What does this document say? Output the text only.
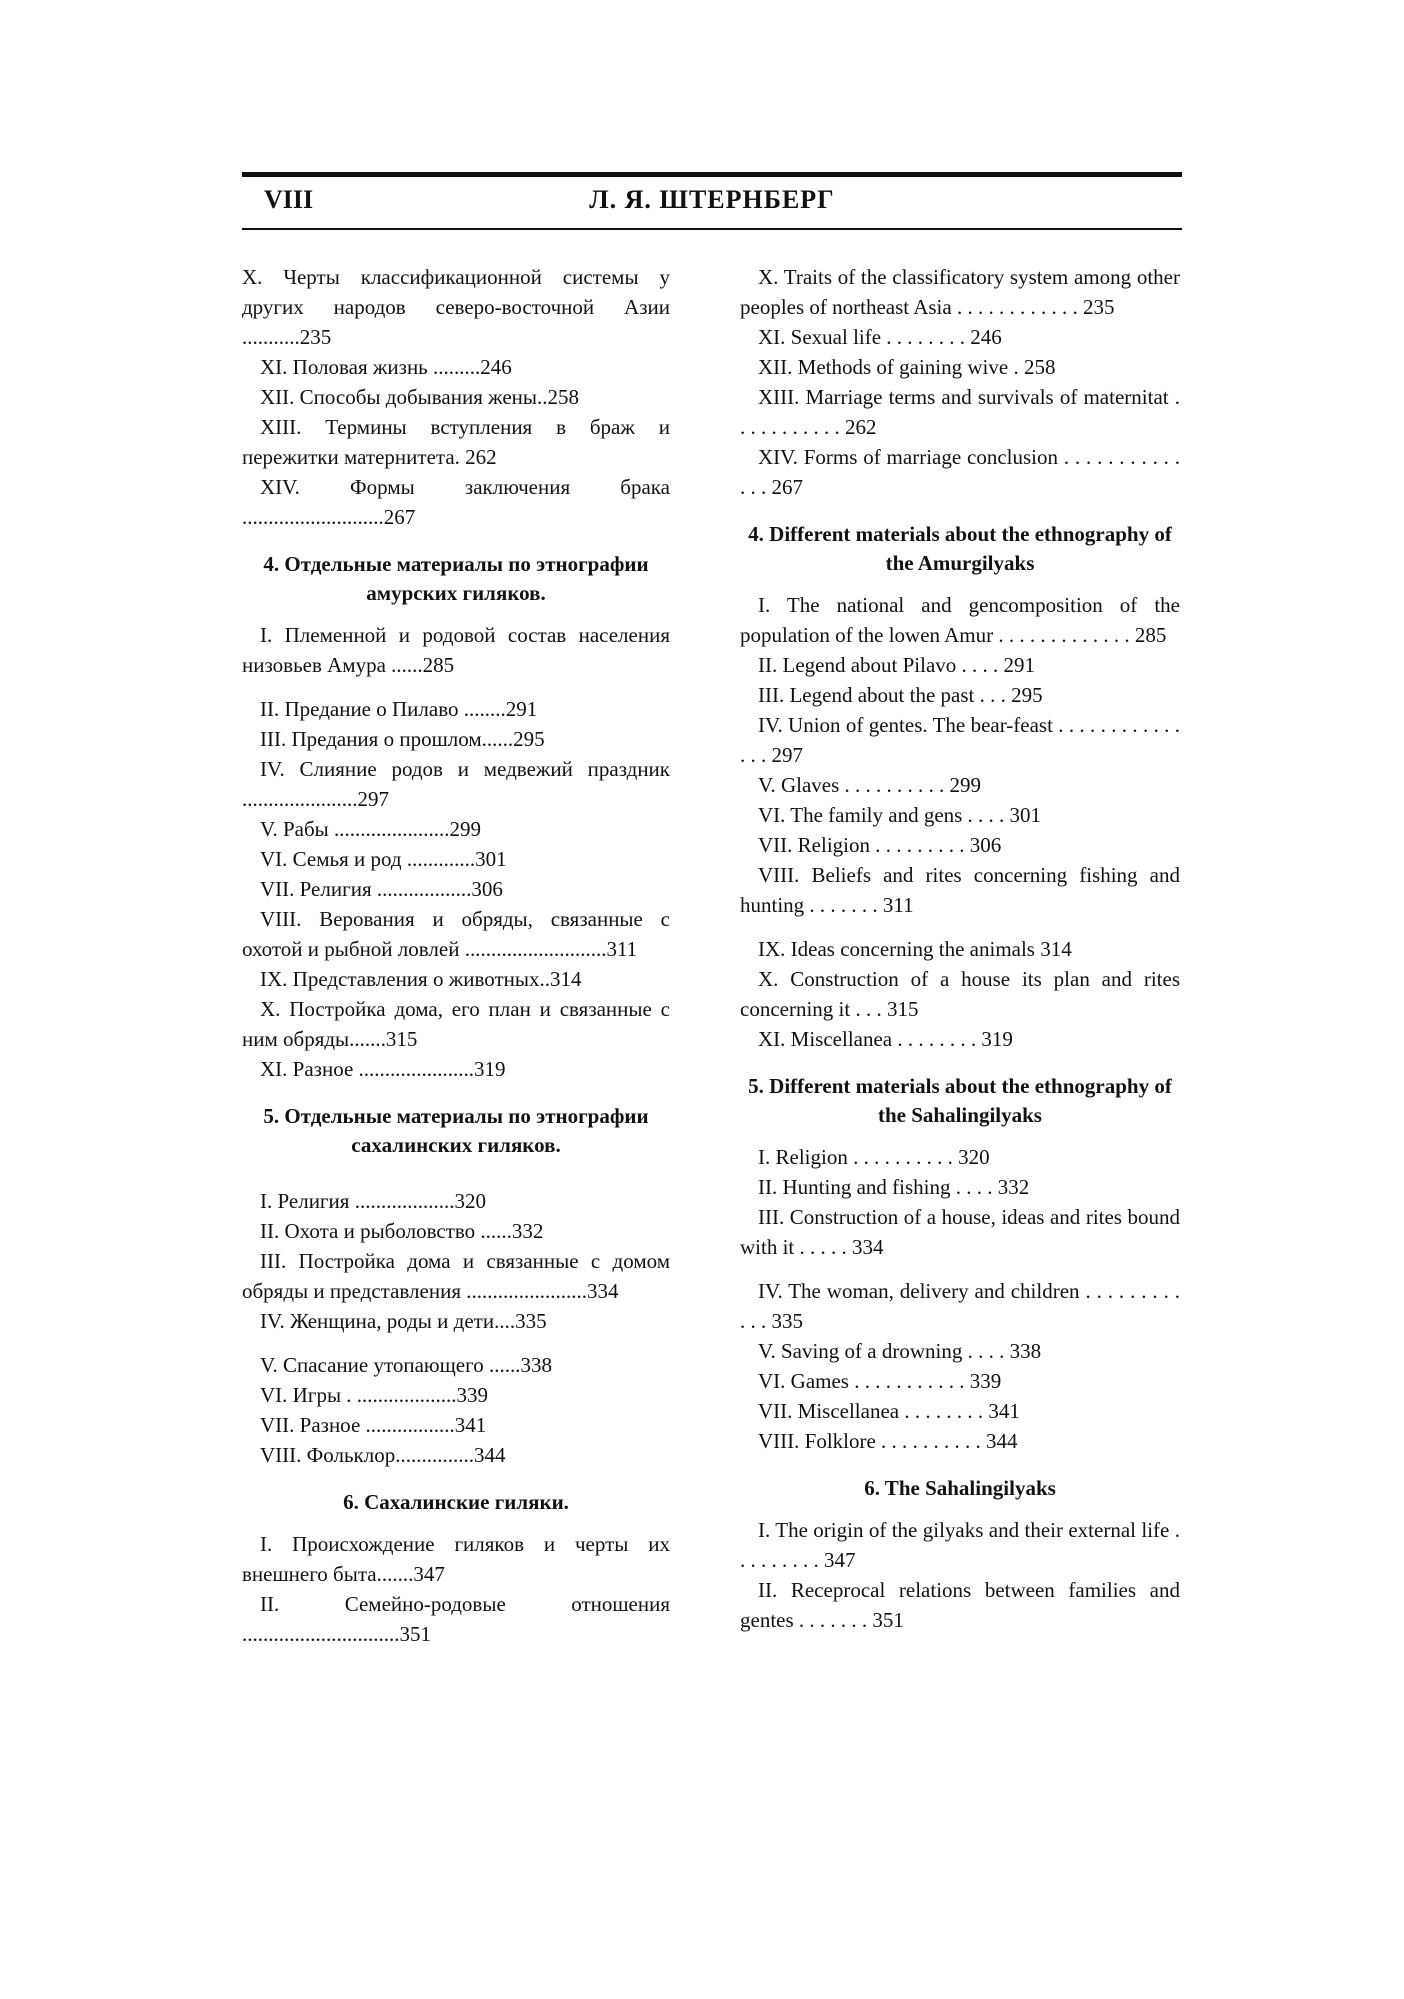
VIII	Л. Я. ШТЕРНБЕРГ

X. Черты классификационной системы у других народов северо-восточной Азии ...........235

XI. Половая жизнь .........246

XII. Способы добывания жены..258

XIII. Термины вступления в браж и пережитки матернитета. 262

XIV. Формы заключения брака ...........................267

4. Отдельные материалы по этнографии амурских гиляков.

I. Племенной и родовой состав населения низовьев Амура ......285

II. Предание о Пилаво ........291

III. Предания о прошлом......295

IV. Слияние родов и медвежий праздник ......................297

V. Рабы ......................299

VI. Семья и род .............301

VII. Религия ..................306

VIII. Верования и обряды, связанные с охотой и рыбной ловлей ...........................311

IX. Представления о животных..314

X. Постройка дома, его план и связанные с ним обряды.......315

XI. Разное ......................319

5. Отдельные материалы по этнографии сахалинских гиляков.

I. Религия ...................320

II. Охота и рыболовство ......332

III. Постройка дома и связанные с домом обряды и представления .......................334

IV. Женщина, роды и дети....335

V. Спасание утопающего ......338

VI. Игры . ...................339

VII. Разное .................341

VIII. Фольклор...............344

6. Сахалинские гиляки.

I. Происхождение гиляков и черты их внешнего быта.......347

II. Семейно-родовые отношения ..............................351

X. Traits of the classificatory system among other peoples of northeast Asia . . . . . . . . . . . . 235

XI. Sexual life . . . . . . . . 246

XII. Methods of gaining wive . 258

XIII. Marriage terms and survivals of maternitat . . . . . . . . . . . 262

XIV. Forms of marriage conclusion . . . . . . . . . . . . . . 267

4. Different materials about the ethnography of the Amurgilyaks

I. The national and gencomposition of the population of the lowen Amur . . . . . . . . . . . . . 285

II. Legend about Pilavo . . . . 291

III. Legend about the past . . . 295

IV. Union of gentes. The bear-feast . . . . . . . . . . . . . . . 297

V. Glaves . . . . . . . . . . 299

VI. The family and gens . . . . 301

VII. Religion . . . . . . . . . 306

VIII. Beliefs and rites concerning fishing and hunting . . . . . . . 311

IX. Ideas concerning the animals 314

X. Construction of a house its plan and rites concerning it . . . 315

XI. Miscellanea . . . . . . . . 319

5. Different materials about the ethnography of the Sahalingilyaks

I. Religion . . . . . . . . . . 320

II. Hunting and fishing . . . . 332

III. Construction of a house, ideas and rites bound with it . . . . . 334

IV. The woman, delivery and children . . . . . . . . . . . . 335

V. Saving of a drowning . . . . 338

VI. Games . . . . . . . . . . . 339

VII. Miscellanea . . . . . . . . 341

VIII. Folklore . . . . . . . . . . 344

6. The Sahalingilyaks

I. The origin of the gilyaks and their external life . . . . . . . . . 347

II. Receprocal relations between families and gentes . . . . . . . 351
